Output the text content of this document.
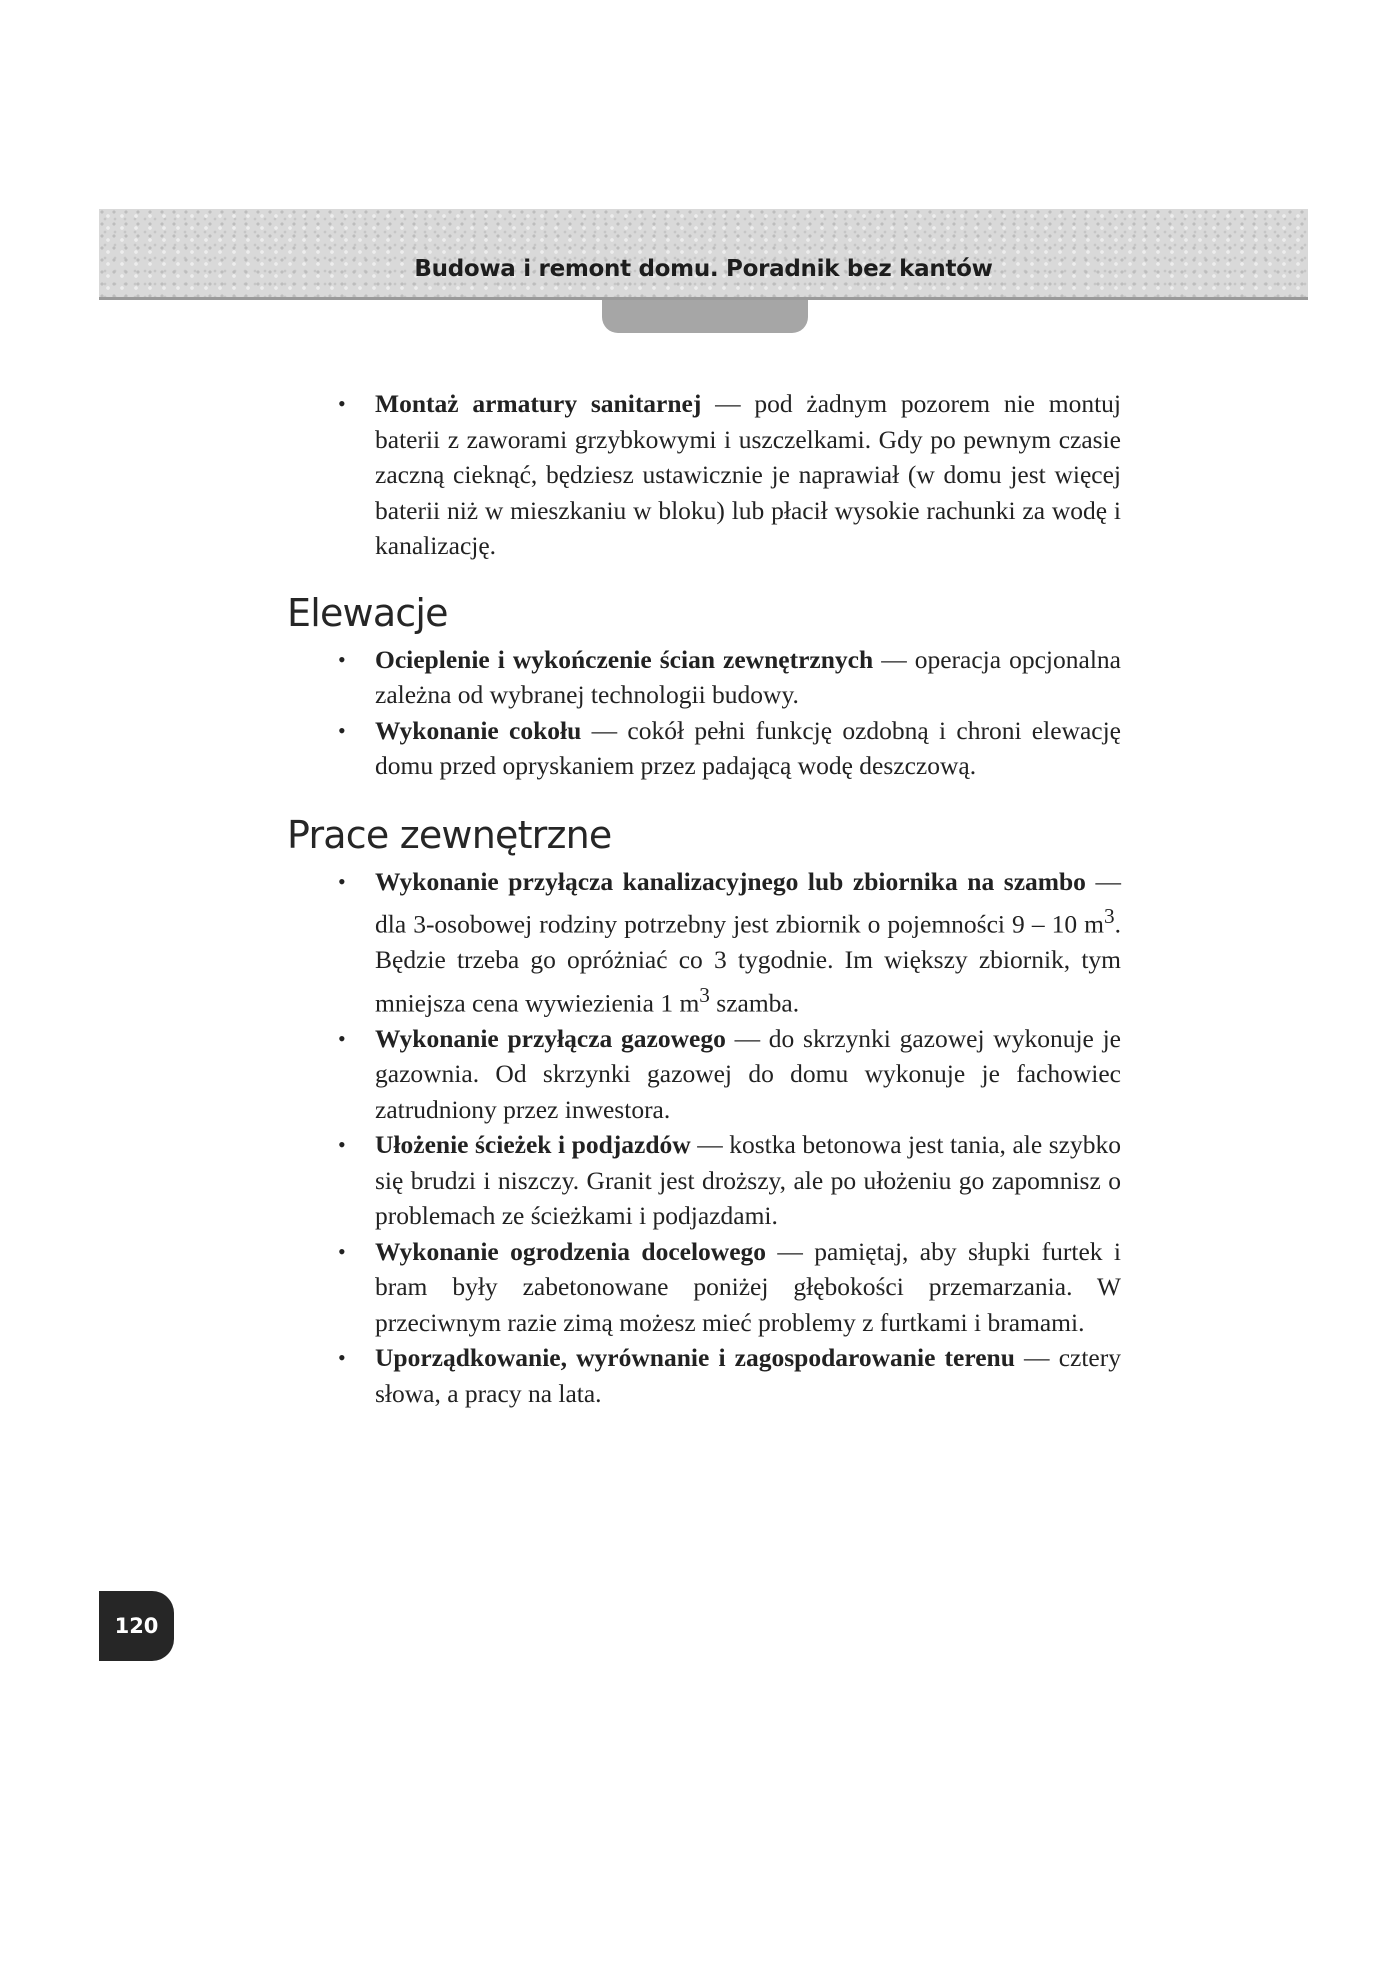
Budowa i remont domu. Poradnik bez kantów
• Montaż armatury sanitarnej — pod żadnym pozorem nie montuj baterii z zaworami grzybkowymi i uszczelkami. Gdy po pewnym czasie zaczną cieknąć, będziesz ustawicznie je naprawiał (w domu jest więcej baterii niż w mieszkaniu w bloku) lub płacił wysokie rachunki za wodę i kanalizację.
Elewacje
• Ocieplenie i wykończenie ścian zewnętrznych — operacja opcjonalna zależna od wybranej technologii budowy.
• Wykonanie cokołu — cokół pełni funkcję ozdobną i chroni elewację domu przed opryskaniem przez padającą wodę deszczową.
Prace zewnętrzne
• Wykonanie przyłącza kanalizacyjnego lub zbiornika na szambo — dla 3-osobowej rodziny potrzebny jest zbiornik o pojemności 9 – 10 $m^3$. Będzie trzeba go opróżniać co 3 tygodnie. Im większy zbiornik, tym mniejsza cena wywiezienia 1 $m^3$ szamba.
• Wykonanie przyłącza gazowego — do skrzynki gazowej wykonuje je gazownia. Od skrzynki gazowej do domu wykonuje je fachowiec zatrudniony przez inwestora.
• Ułożenie ścieżek i podjazdów — kostka betonowa jest tania, ale szybko się brudzi i niszczy. Granit jest droższy, ale po ułożeniu go zapomnisz o problemach ze ścieżkami i podjazdami.
• Wykonanie ogrodzenia docelowego — pamiętaj, aby słupki furtek i bram były zabetonowane poniżej głębokości przemarzania. W przeciwnym razie zimą możesz mieć problemy z furtkami i bramami.
• Uporządkowanie, wyrównanie i zagospodarowanie terenu — cztery słowa, a pracy na lata.
120
